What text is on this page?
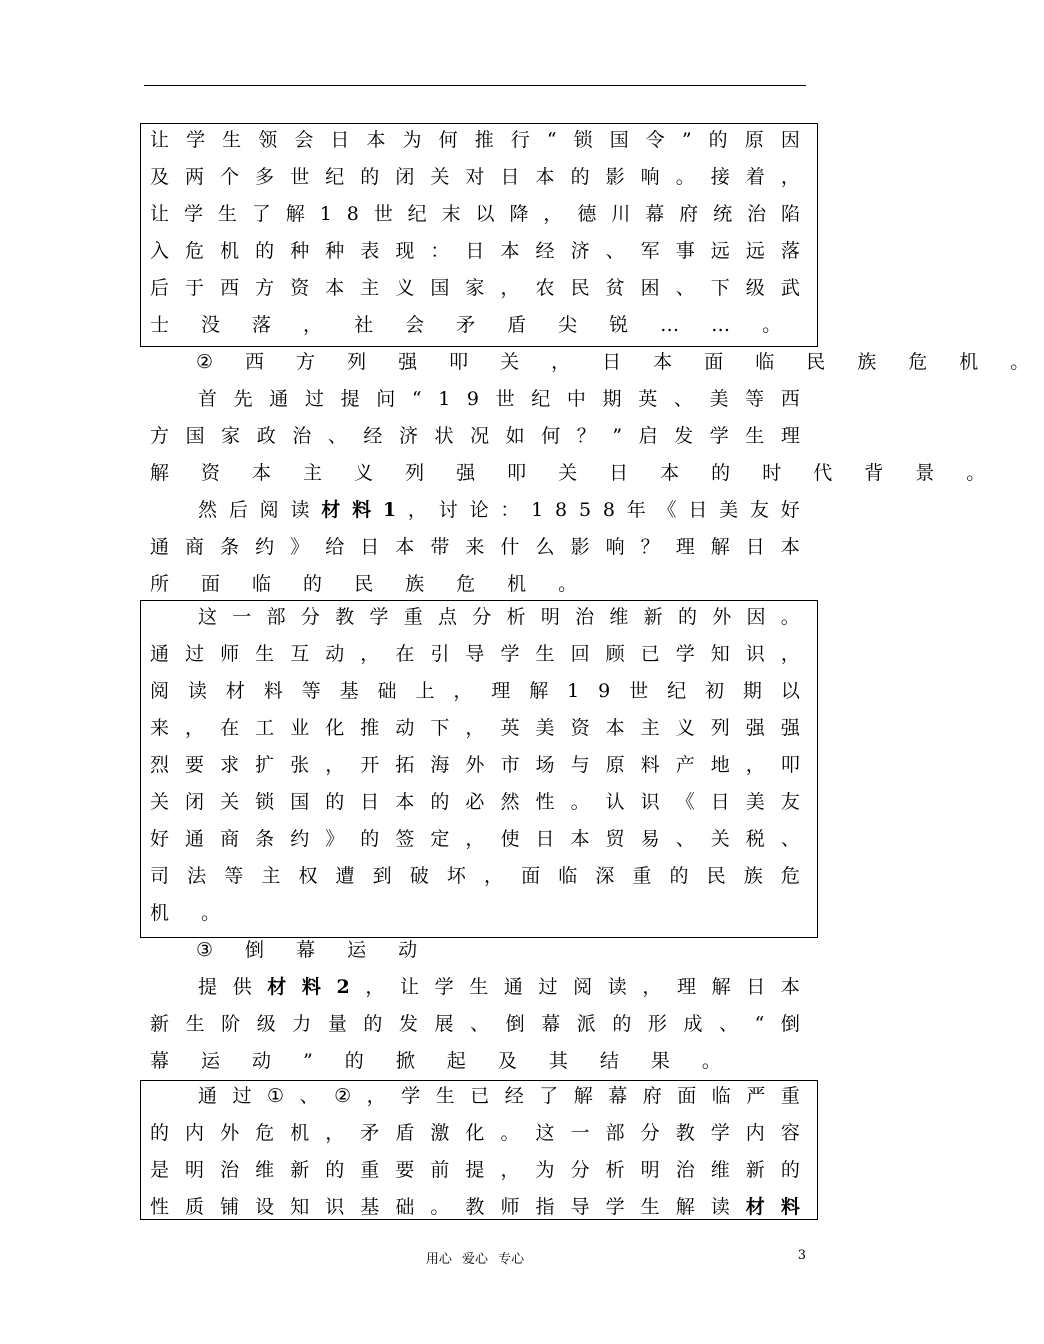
让 学 生 领 会 日 本 为 何 推 行 “ 锁 国 令 ” 的 原 因
及 两 个 多 世 纪 的 闭 关 对 日 本 的 影 响 。 接 着 ，
让 学 生 了 解 1 8 世 纪 末 以 降 ， 德 川 幕 府 统 治 陷
入 危 机 的 种 种 表 现 ： 日 本 经 济 、 军 事 远 远 落
后 于 西 方 资 本 主 义 国 家 ， 农 民 贫 困 、 下 级 武
士 没 落 ， 社 会 矛 盾 尖 锐 … … 。
② 西 方 列 强 叩 关 ， 日 本 面 临 民 族 危 机 。
首 先 通 过 提 问 “ 1 9 世 纪 中 期 英 、 美 等 西
方 国 家 政 治 、 经 济 状 况 如 何 ？ ” 启 发 学 生 理
解 资 本 主 义 列 强 叩 关 日 本 的 时 代 背 景 。
然 后 阅 读 材 料 1 ， 讨 论 ： 1 8 5 8 年 《 日 美 友 好
通 商 条 约 》 给 日 本 带 来 什 么 影 响 ？ 理 解 日 本
所 面 临 的 民 族 危 机 。
这 一 部 分 教 学 重 点 分 析 明 治 维 新 的 外 因 。
通 过 师 生 互 动 ， 在 引 导 学 生 回 顾 已 学 知 识 ，
阅 读 材 料 等 基 础 上 ， 理 解 1 9 世 纪 初 期 以
来 ， 在 工 业 化 推 动 下 ， 英 美 资 本 主 义 列 强 强
烈 要 求 扩 张 ， 开 拓 海 外 市 场 与 原 料 产 地 ， 叩
关 闭 关 锁 国 的 日 本 的 必 然 性 。 认 识 《 日 美 友
好 通 商 条 约 》 的 签 定 ， 使 日 本 贸 易 、 关 税 、
司 法 等 主 权 遭 到 破 坏 ， 面 临 深 重 的 民 族 危
机 。
③ 倒 幕 运 动
提 供 材 料 2 ， 让 学 生 通 过 阅 读 ， 理 解 日 本
新 生 阶 级 力 量 的 发 展 、 倒 幕 派 的 形 成 、 “ 倒
幕 运 动 ” 的 掀 起 及 其 结 果 。
通 过 ① 、 ② ， 学 生 已 经 了 解 幕 府 面 临 严 重
的 内 外 危 机 ， 矛 盾 激 化 。 这 一 部 分 教 学 内 容
是 明 治 维 新 的 重 要 前 提 ， 为 分 析 明 治 维 新 的
性 质 铺 设 知 识 基 础 。 教 师 指 导 学 生 解 读 材 料
用心 爱心 专心	3
